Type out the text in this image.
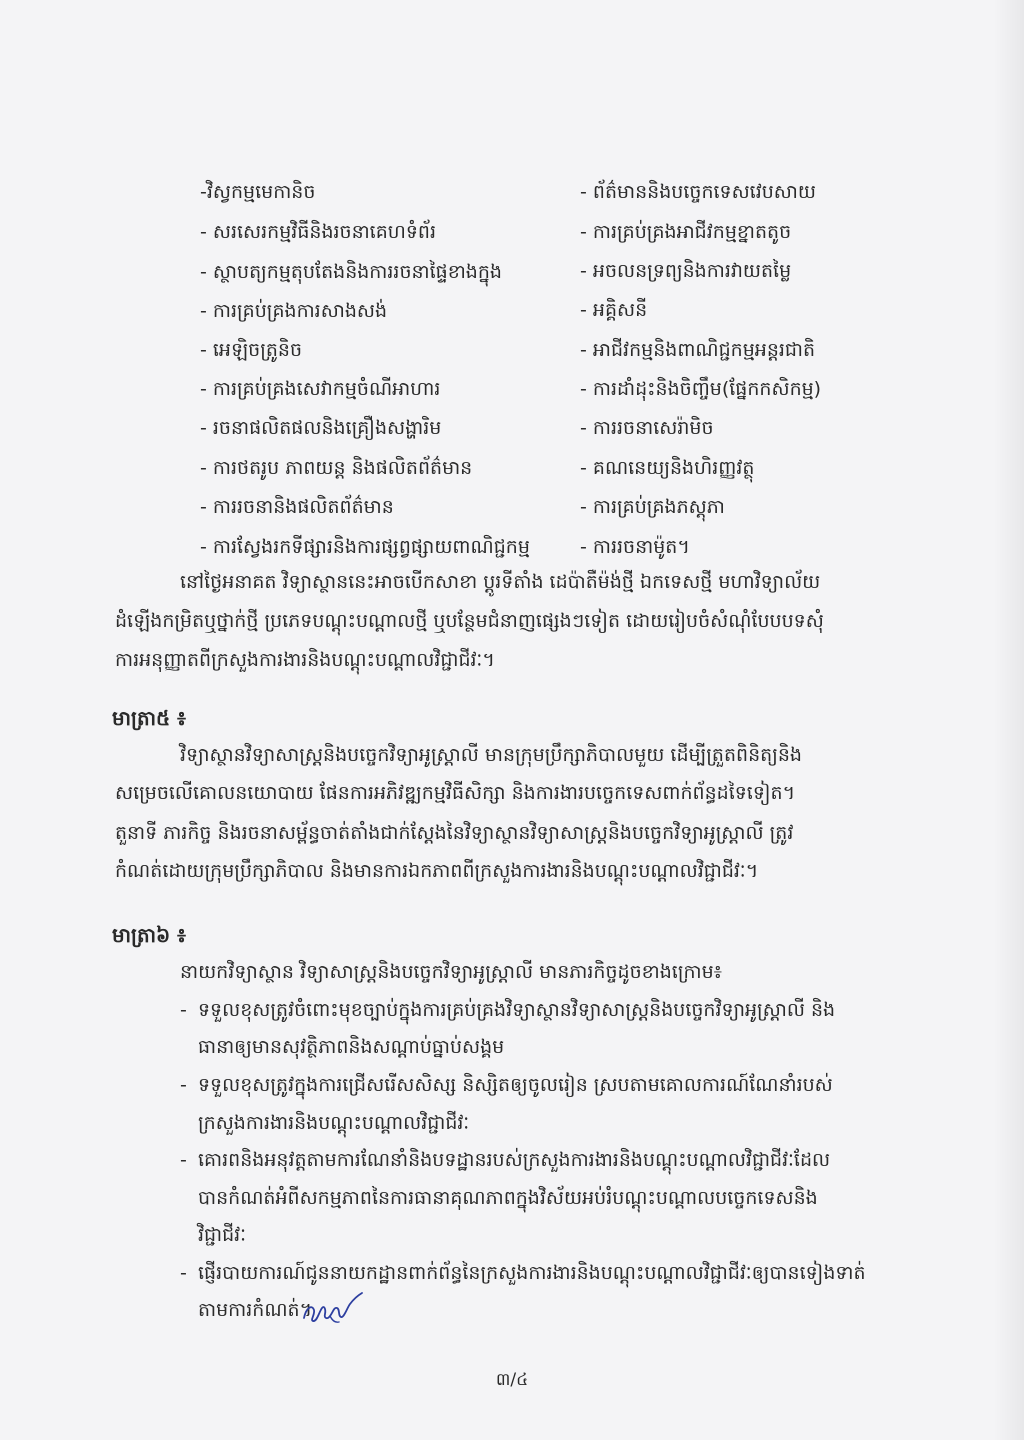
-វិស្វកម្មមេកានិច
- សរសេរកម្មវិធីនិងរចនាគេហទំព័រ
- ស្ថាបត្យកម្មតុបតែងនិងការរចនាផ្ទៃខាងក្នុង
- ការគ្រប់គ្រងការសាងសង់
- អេឡិចត្រូនិច
- ការគ្រប់គ្រងសេវាកម្មចំណីអាហារ
- រចនាផលិតផលនិងគ្រឿងសង្ហារិម
- ការថតរូប ភាពយន្ត និងផលិតព័ត៌មាន
- ការរចនានិងផលិតព័ត៌មាន
- ការស្វែងរកទីផ្សារនិងការផ្សព្វផ្សាយពាណិជ្ជកម្ម
- ព័ត៌មាននិងបច្ចេកទេសវេបសាយ
- ការគ្រប់គ្រងអាជីវកម្មខ្នាតតូច
- អចលនទ្រព្យនិងការវាយតម្លៃ
- អគ្គិសនី
- អាជីវកម្មនិងពាណិជ្ជកម្មអន្តរជាតិ
- ការដាំដុះនិងចិញ្ចឹម(ផ្នែកកសិកម្ម)
- ការរចនាសេរ៉ាមិច
- គណនេយ្យនិងហិរញ្ញវត្ថុ
- ការគ្រប់គ្រងភស្តុភា
- ការរចនាម៉ូត។
នៅថ្ងៃអនាគត វិទ្យាស្ថាននេះអាចបើកសាខា ប្តូរទីតាំង ដេប៉ាតឺម៉ង់ថ្មី ឯកទេសថ្មី មហាវិទ្យាល័យ
ដំឡើងកម្រិតឬថ្នាក់ថ្មី ប្រភេទបណ្តុះបណ្តាលថ្មី ឬបន្ថែមជំនាញផ្សេងៗទៀត ដោយរៀបចំសំណុំបែបបទសុំ
ការអនុញ្ញាតពីក្រសួងការងារនិងបណ្តុះបណ្តាលវិជ្ជាជីវៈ។
មាត្រា៥ ៖
វិទ្យាស្ថានវិទ្យាសាស្ត្រនិងបច្ចេកវិទ្យាអូស្ត្រាលី មានក្រុមប្រឹក្សាភិបាលមួយ ដើម្បីត្រួតពិនិត្យនិង
សម្រេចលើគោលនយោបាយ ផែនការអភិវឌ្ឍកម្មវិធីសិក្សា និងការងារបច្ចេកទេសពាក់ព័ន្ធដទៃទៀត។
តួនាទី ភារកិច្ច និងរចនាសម្ព័ន្ធចាត់តាំងជាក់ស្តែងនៃវិទ្យាស្ថានវិទ្យាសាស្ត្រនិងបច្ចេកវិទ្យាអូស្ត្រាលី ត្រូវ
កំណត់ដោយក្រុមប្រឹក្សាភិបាល និងមានការឯកភាពពីក្រសួងការងារនិងបណ្តុះបណ្តាលវិជ្ជាជីវៈ។
មាត្រា៦ ៖
នាយកវិទ្យាស្ថាន វិទ្យាសាស្ត្រនិងបច្ចេកវិទ្យាអូស្ត្រាលី មានភារកិច្ចដូចខាងក្រោម៖
- ទទួលខុសត្រូវចំពោះមុខច្បាប់ក្នុងការគ្រប់គ្រងវិទ្យាស្ថានវិទ្យាសាស្ត្រនិងបច្ចេកវិទ្យាអូស្ត្រាលី និង
ធានាឲ្យមានសុវត្ថិភាពនិងសណ្តាប់ធ្នាប់សង្គម
- ទទួលខុសត្រូវក្នុងការជ្រើសរើសសិស្ស និស្សិតឲ្យចូលរៀន ស្របតាមគោលការណ៍ណែនាំរបស់
ក្រសួងការងារនិងបណ្តុះបណ្តាលវិជ្ជាជីវៈ
- គោរពនិងអនុវត្តតាមការណែនាំនិងបទដ្ឋានរបស់ក្រសួងការងារនិងបណ្តុះបណ្តាលវិជ្ជាជីវៈដែល
បានកំណត់អំពីសកម្មភាពនៃការធានាគុណភាពក្នុងវិស័យអប់រំបណ្តុះបណ្តាលបច្ចេកទេសនិង
វិជ្ជាជីវៈ
- ផ្ញើរបាយការណ៍ជូននាយកដ្ឋានពាក់ព័ន្ធនៃក្រសួងការងារនិងបណ្តុះបណ្តាលវិជ្ជាជីវៈឲ្យបានទៀងទាត់
តាមការកំណត់។
៣/៤
